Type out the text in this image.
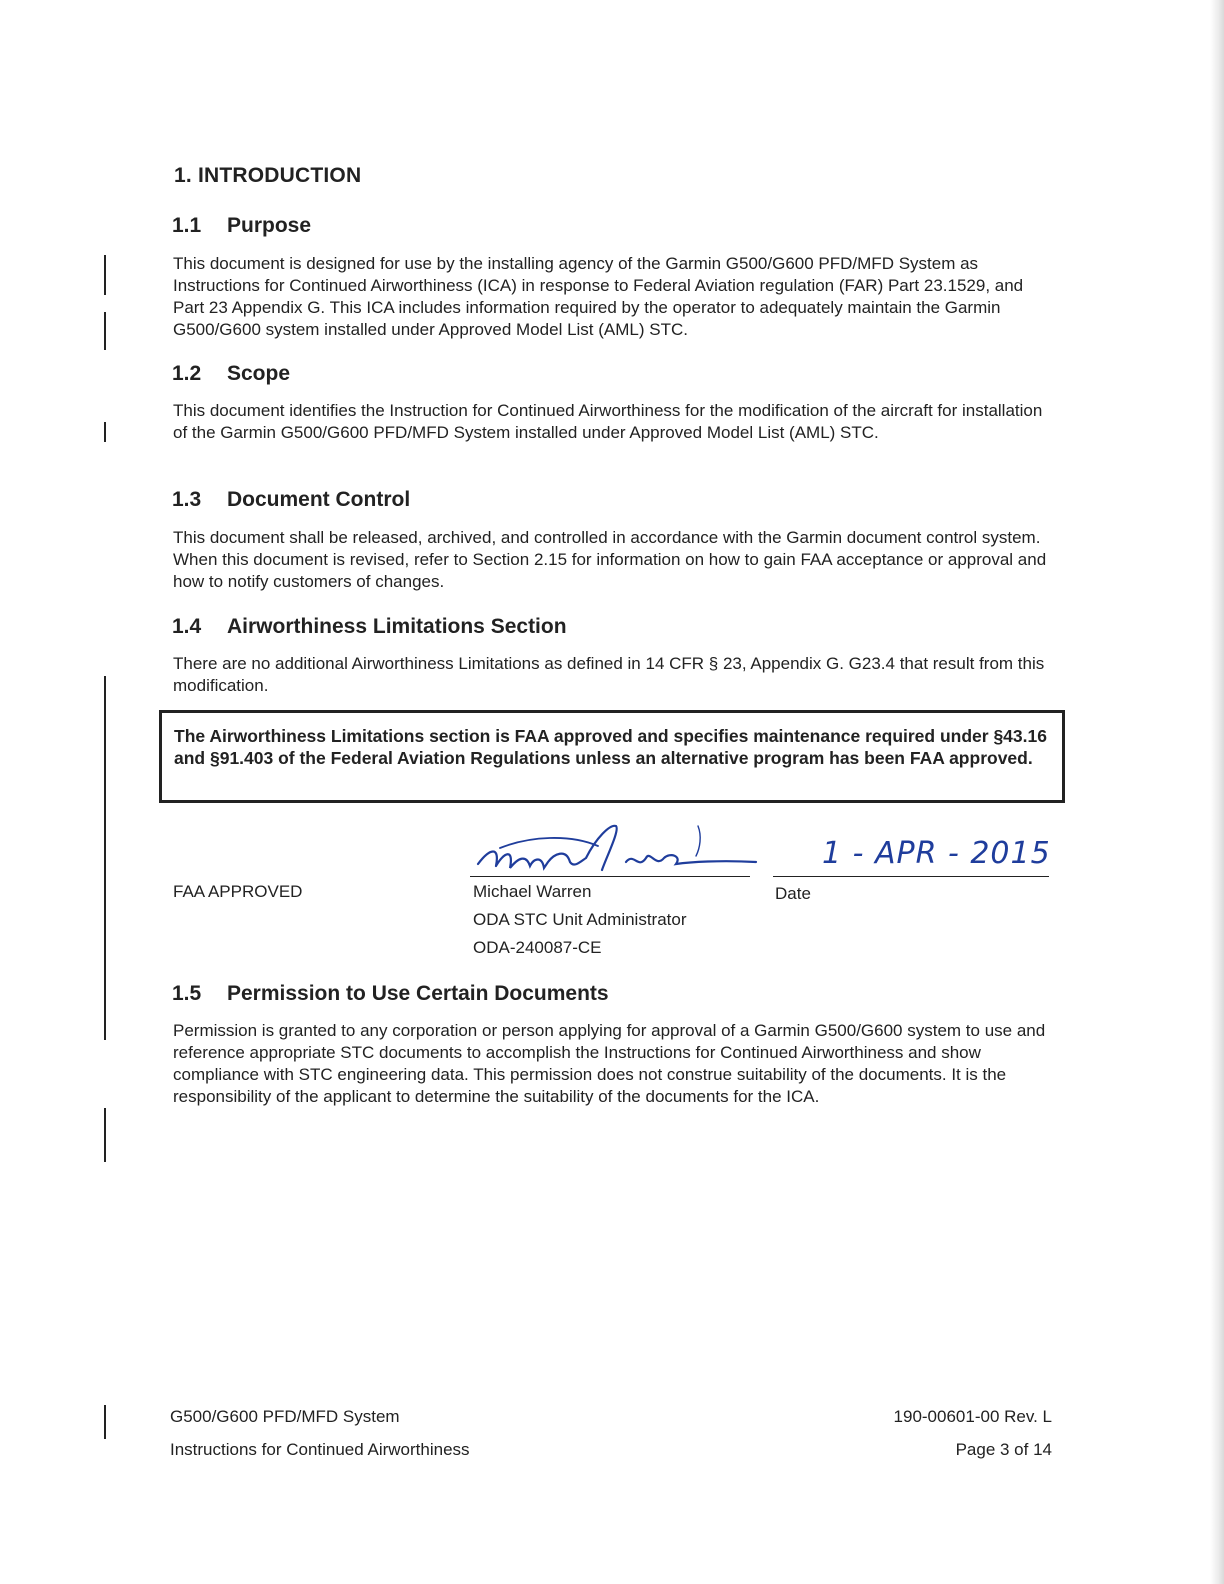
1. INTRODUCTION
1.1 Purpose
This document is designed for use by the installing agency of the Garmin G500/G600 PFD/MFD System as Instructions for Continued Airworthiness (ICA) in response to Federal Aviation regulation (FAR) Part 23.1529, and Part 23 Appendix G. This ICA includes information required by the operator to adequately maintain the Garmin G500/G600 system installed under Approved Model List (AML) STC.
1.2 Scope
This document identifies the Instruction for Continued Airworthiness for the modification of the aircraft for installation of the Garmin G500/G600 PFD/MFD System installed under Approved Model List (AML) STC.
1.3 Document Control
This document shall be released, archived, and controlled in accordance with the Garmin document control system. When this document is revised, refer to Section 2.15 for information on how to gain FAA acceptance or approval and how to notify customers of changes.
1.4 Airworthiness Limitations Section
There are no additional Airworthiness Limitations as defined in 14 CFR § 23, Appendix G. G23.4 that result from this modification.
The Airworthiness Limitations section is FAA approved and specifies maintenance required under §43.16 and §91.403 of the Federal Aviation Regulations unless an alternative program has been FAA approved.
1 - APR - 2015
FAA APPROVED	Michael Warren	Date
ODA STC Unit Administrator
ODA-240087-CE
1.5 Permission to Use Certain Documents
Permission is granted to any corporation or person applying for approval of a Garmin G500/G600 system to use and reference appropriate STC documents to accomplish the Instructions for Continued Airworthiness and show compliance with STC engineering data. This permission does not construe suitability of the documents. It is the responsibility of the applicant to determine the suitability of the documents for the ICA.
G500/G600 PFD/MFD System
Instructions for Continued Airworthiness
190-00601-00 Rev. L
Page 3 of 14
